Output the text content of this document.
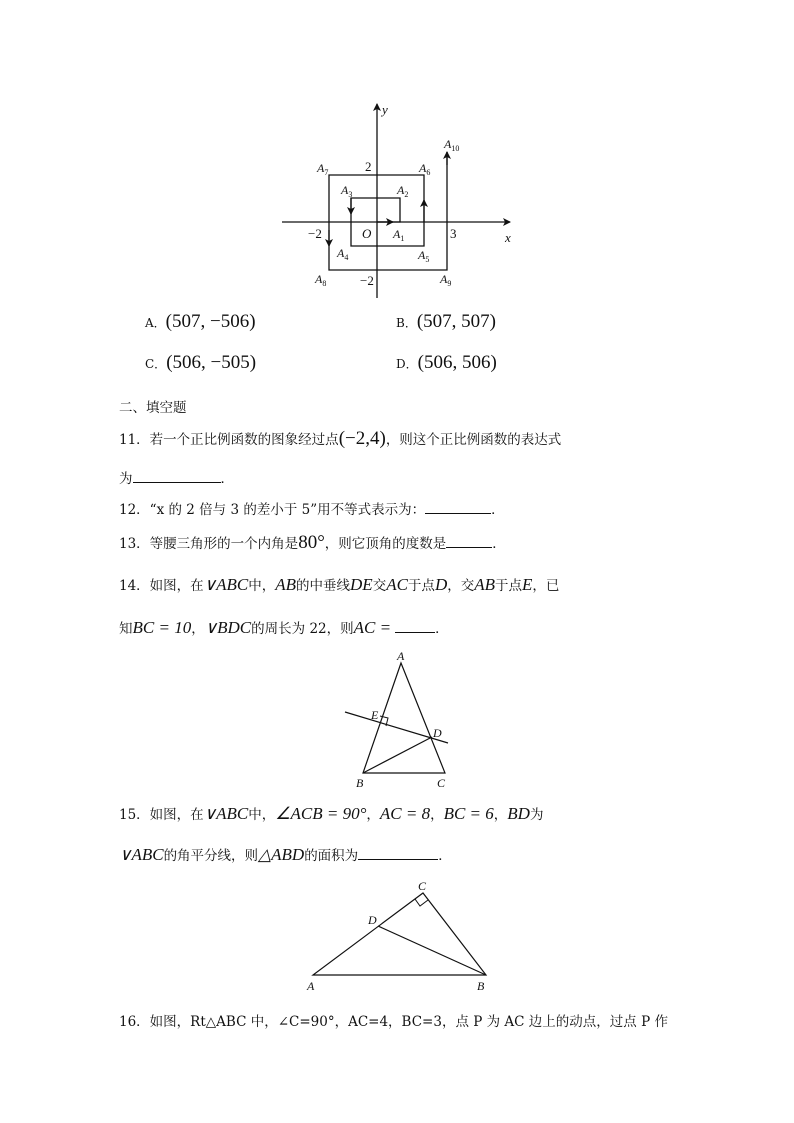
y
x
O
2
−2	3
−2
$A_1$
$A_2$
$A_3$
$A_4$	$A_5$
$A_6$
$A_7$
$A_8$	$A_9$
$A_{10}$
A．(507, −506)	B．(507, 507)
C．(506, −505)	D．(506, 506)
二、填空题
11．若一个正比例函数的图象经过点(−2,4)，则这个正比例函数的表达式
为	．
12．“x 的 2 倍与 3 的差小于 5”用不等式表示为：	．
13．等腰三角形的一个内角是80°，则它顶角的度数是	．
14．如图，在∨ABC中，AB的中垂线DE交AC于点D，交AB于点E，已
知BC = 10，∨BDC的周长为 22，则AC =	．
A
B	C
D
E
15．如图，在∨ABC中，∠ACB = 90°，AC = 8，BC = 6，BD为
∨ABC的角平分线，则△ABD的面积为	．
A	B
C
D
16．如图，Rt△ABC 中，∠C=90°，AC=4，BC=3，点 P 为 AC 边上的动点，过点 P 作
